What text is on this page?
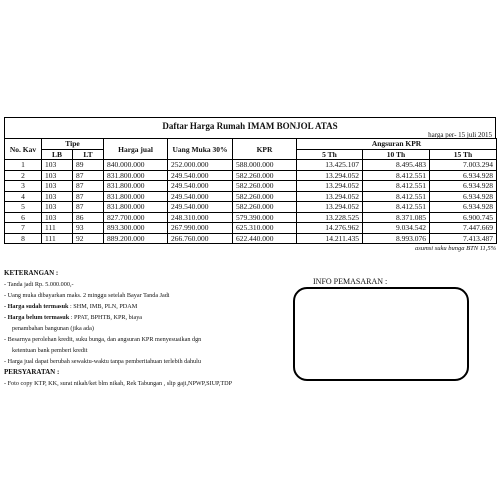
Daftar Harga Rumah IMAM BONJOL ATAS
harga per- 15 juli 2015
No. Kav	Tipe		Harga jual	Uang Muka 30%	KPR	Angsuran KPR		
	LB	LT				5 Th	10 Th	15 Th
1	103	89	840.000.000	252.000.000	588.000.000	13.425.107	8.495.483	7.003.294
2	103	87	831.800.000	249.540.000	582.260.000	13.294.052	8.412.551	6.934.928
3	103	87	831.800.000	249.540.000	582.260.000	13.294.052	8.412.551	6.934.928
4	103	87	831.800.000	249.540.000	582.260.000	13.294.052	8.412.551	6.934.928
5	103	87	831.800.000	249.540.000	582.260.000	13.294.052	8.412.551	6.934.928
6	103	86	827.700.000	248.310.000	579.390.000	13.228.525	8.371.085	6.900.745
7	111	93	893.300.000	267.990.000	625.310.000	14.276.962	9.034.542	7.447.669
8	111	92	889.200.000	266.760.000	622.440.000	14.211.435	8.993.076	7.413.487
asumsi suku bunga BTN 11,5%
KETERANGAN :
- Tanda jadi Rp. 5.000.000,-
- Uang muka dibayarkan maks. 2 minggu setelah Bayar Tanda Jadi
- Harga sudah termasuk : SHM, IMB, PLN, PDAM
- Harga belum termasuk : PPAT, BPHTB, KPR, biaya
penambahan bangunan (jika ada)
- Besarnya perolehan kredit, suku bunga, dan angsuran KPR menyesuaikan dgn
ketentuan bank pemberi kredit
- Harga jual dapat berubah sewaktu-waktu tanpa pemberitahuan terlebih dahulu
PERSYARATAN :
- Foto copy KTP, KK, surat nikah/ket blm nikah, Rek Tabungan , slip gaji,NPWP,SIUP,TDP
INFO PEMASARAN :
